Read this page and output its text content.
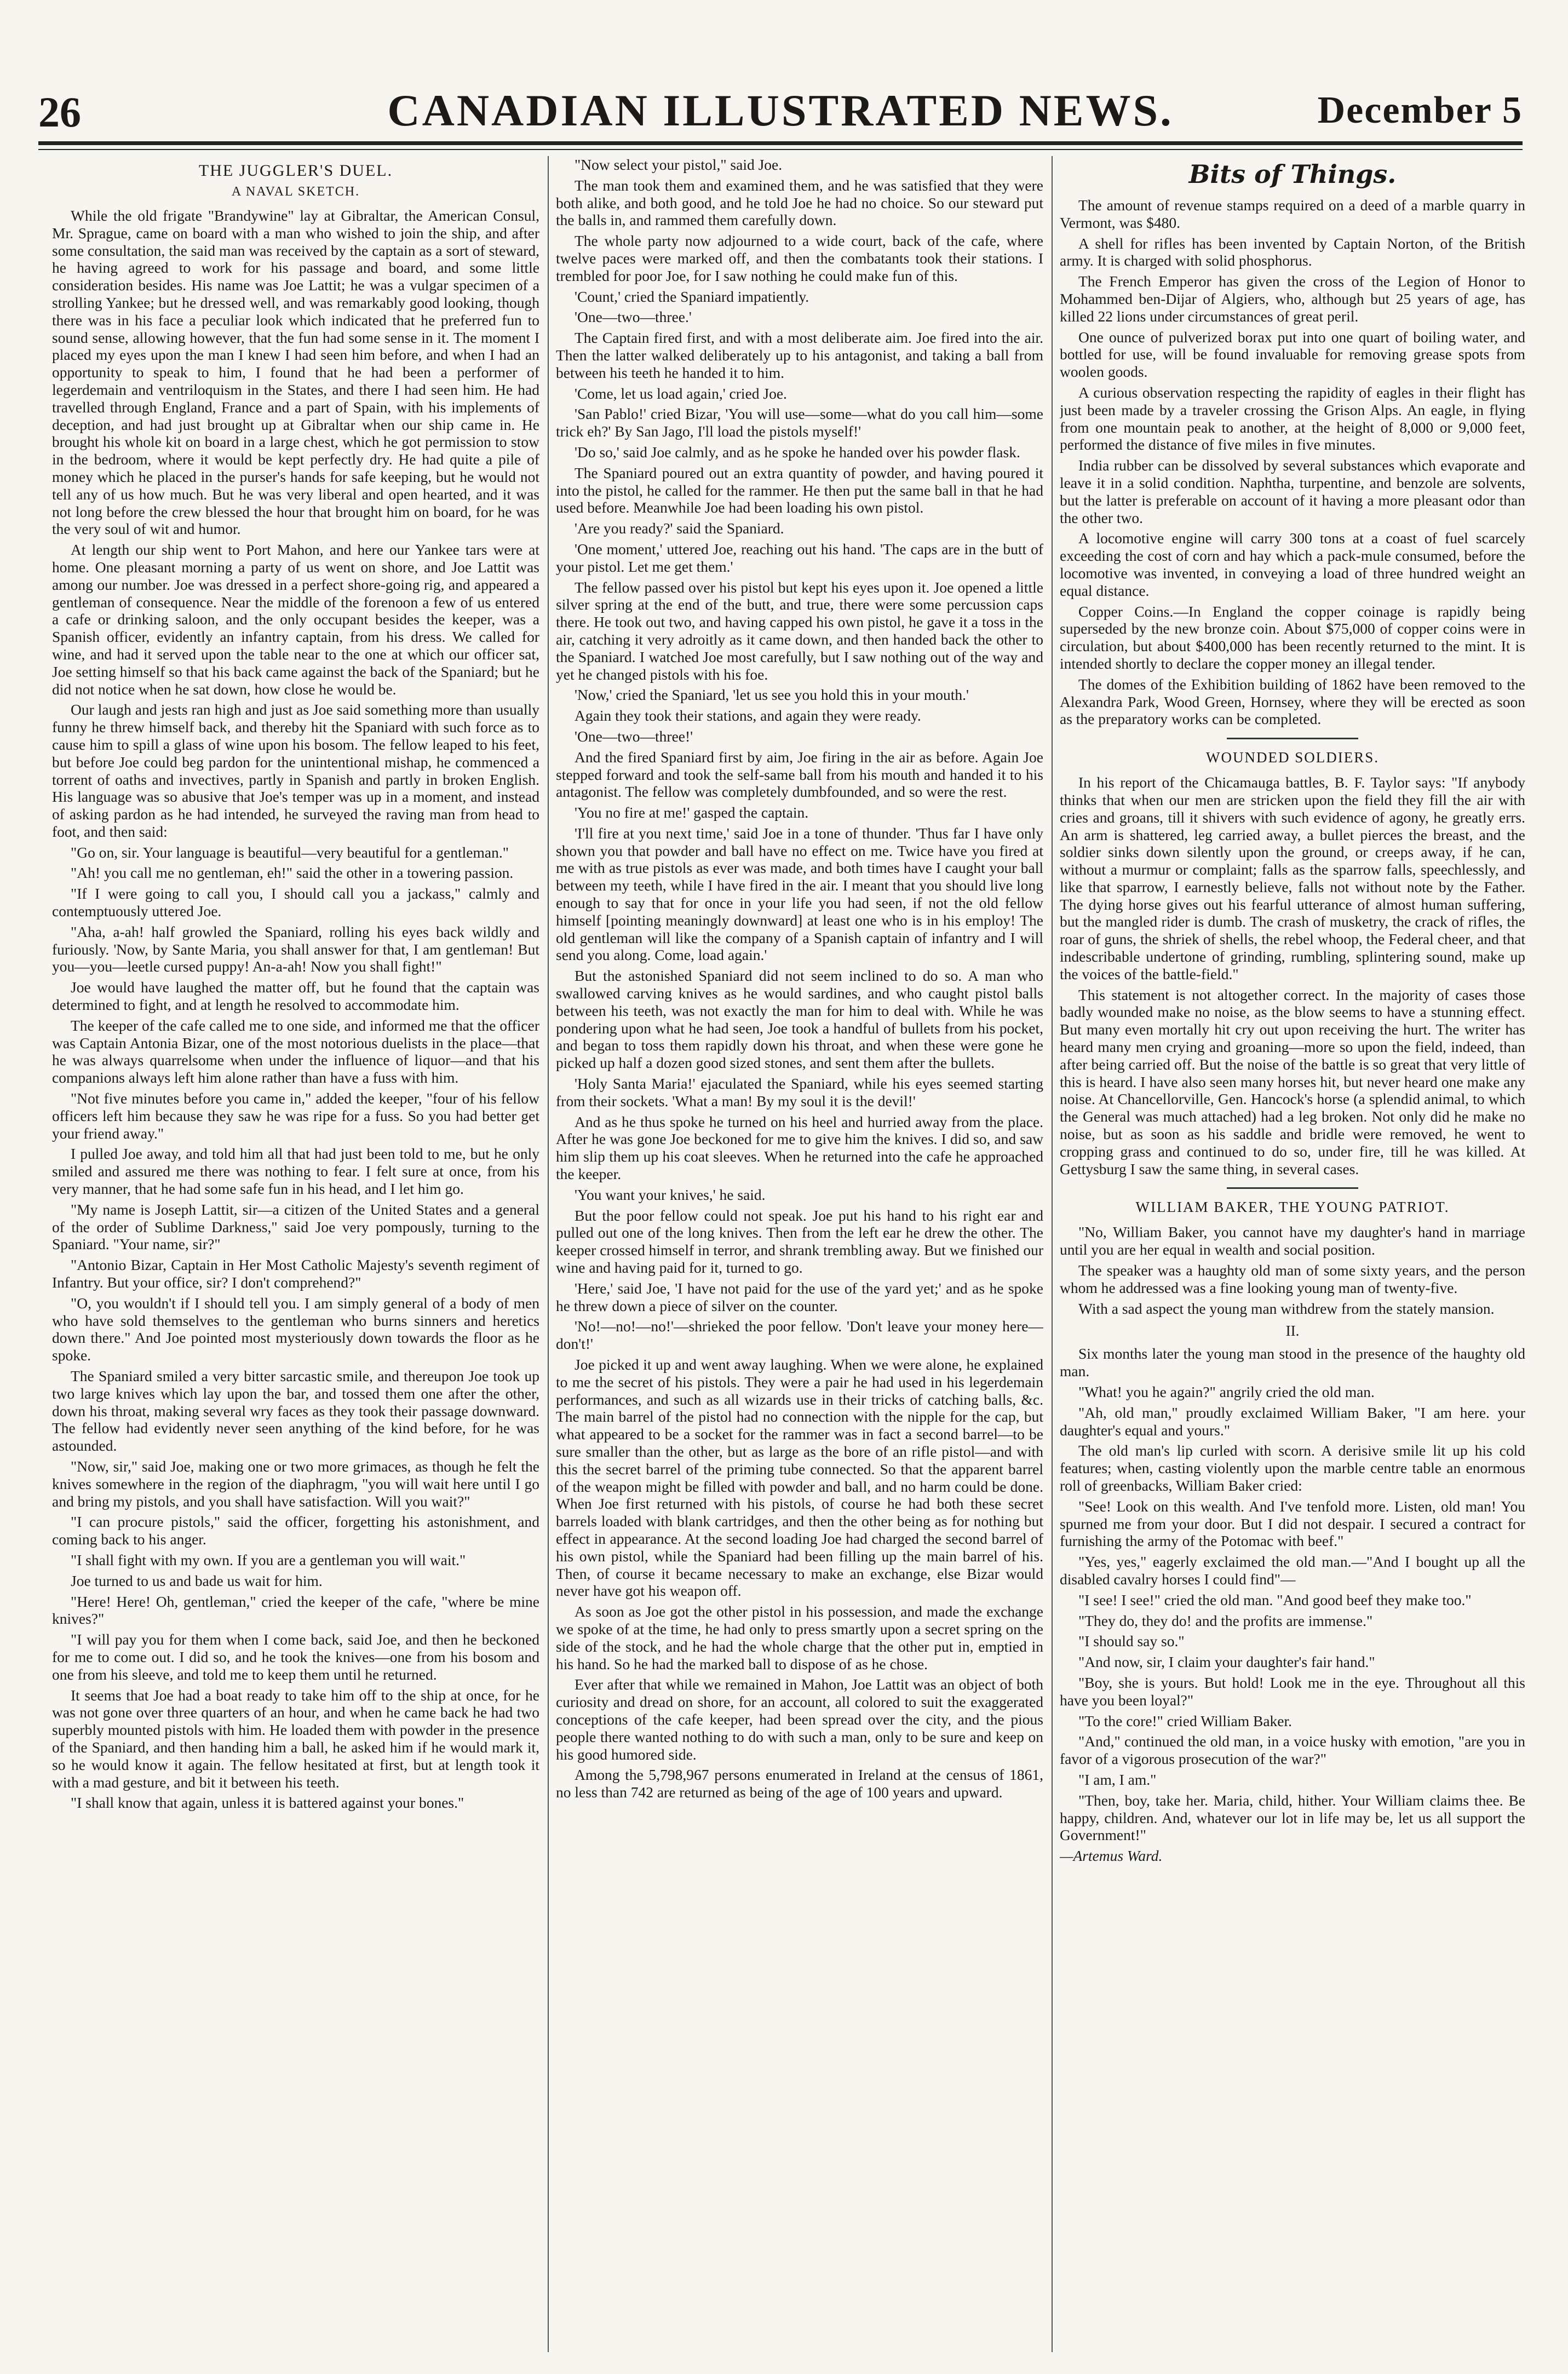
26	CANADIAN ILLUSTRATED NEWS.	December 5
THE JUGGLER'S DUEL.
A NAVAL SKETCH.

While the old frigate "Brandywine" lay at Gibraltar, the American Consul, Mr. Sprague, came on board with a man who wished to join the ship, and after some consultation, the said man was received by the captain as a sort of steward, he having agreed to work for his passage and board, and some little consideration besides. His name was Joe Lattit; he was a vulgar specimen of a strolling Yankee; but he dressed well, and was remarkably good looking, though there was in his face a peculiar look which indicated that he preferred fun to sound sense, allowing however, that the fun had some sense in it. The moment I placed my eyes upon the man I knew I had seen him before, and when I had an opportunity to speak to him, I found that he had been a performer of legerdemain and ventriloquism in the States, and there I had seen him. He had travelled through England, France and a part of Spain, with his implements of deception, and had just brought up at Gibraltar when our ship came in. He brought his whole kit on board in a large chest, which he got permission to stow in the bedroom, where it would be kept perfectly dry. He had quite a pile of money which he placed in the purser's hands for safe keeping, but he would not tell any of us how much. But he was very liberal and open hearted, and it was not long before the crew blessed the hour that brought him on board, for he was the very soul of wit and humor.

At length our ship went to Port Mahon, and here our Yankee tars were at home. One pleasant morning a party of us went on shore, and Joe Lattit was among our number. Joe was dressed in a perfect shore-going rig, and appeared a gentleman of consequence. Near the middle of the forenoon a few of us entered a cafe or drinking saloon, and the only occupant besides the keeper, was a Spanish officer, evidently an infantry captain, from his dress. We called for wine, and had it served upon the table near to the one at which our officer sat, Joe setting himself so that his back came against the back of the Spaniard; but he did not notice when he sat down, how close he would be.

Our laugh and jests ran high and just as Joe said something more than usually funny he threw himself back, and thereby hit the Spaniard with such force as to cause him to spill a glass of wine upon his bosom. The fellow leaped to his feet, but before Joe could beg pardon for the unintentional mishap, he commenced a torrent of oaths and invectives, partly in Spanish and partly in broken English. His language was so abusive that Joe's temper was up in a moment, and instead of asking pardon as he had intended, he surveyed the raving man from head to foot, and then said:

"Go on, sir. Your language is beautiful—very beautiful for a gentleman."

"Ah! you call me no gentleman, eh!" said the other in a towering passion.

"If I were going to call you, I should call you a jackass," calmly and contemptuously uttered Joe.

"Aha, a-ah! half growled the Spaniard, rolling his eyes back wildly and furiously. 'Now, by Sante Maria, you shall answer for that, I am gentleman! But you—you—leetle cursed puppy! An-a-ah! Now you shall fight!"

Joe would have laughed the matter off, but he found that the captain was determined to fight, and at length he resolved to accommodate him.

The keeper of the cafe called me to one side, and informed me that the officer was Captain Antonia Bizar, one of the most notorious duelists in the place—that he was always quarrelsome when under the influence of liquor—and that his companions always left him alone rather than have a fuss with him.

"Not five minutes before you came in," added the keeper, "four of his fellow officers left him because they saw he was ripe for a fuss. So you had better get your friend away."

I pulled Joe away, and told him all that had just been told to me, but he only smiled and assured me there was nothing to fear. I felt sure at once, from his very manner, that he had some safe fun in his head, and I let him go.

"My name is Joseph Lattit, sir—a citizen of the United States and a general of the order of Sublime Darkness," said Joe very pompously, turning to the Spaniard. "Your name, sir?"

"Antonio Bizar, Captain in Her Most Catholic Majesty's seventh regiment of Infantry. But your office, sir? I don't comprehend?"

"O, you wouldn't if I should tell you. I am simply general of a body of men who have sold themselves to the gentleman who burns sinners and heretics down there." And Joe pointed most mysteriously down towards the floor as he spoke.

The Spaniard smiled a very bitter sarcastic smile, and thereupon Joe took up two large knives which lay upon the bar, and tossed them one after the other, down his throat, making several wry faces as they took their passage downward. The fellow had evidently never seen anything of the kind before, for he was astounded.

"Now, sir," said Joe, making one or two more grimaces, as though he felt the knives somewhere in the region of the diaphragm, "you will wait here until I go and bring my pistols, and you shall have satisfaction. Will you wait?"

"I can procure pistols," said the officer, forgetting his astonishment, and coming back to his anger.

"I shall fight with my own. If you are a gentleman you will wait."

Joe turned to us and bade us wait for him.

"Here! Here! Oh, gentleman," cried the keeper of the cafe, "where be mine knives?"

"I will pay you for them when I come back, said Joe, and then he beckoned for me to come out. I did so, and he took the knives—one from his bosom and one from his sleeve, and told me to keep them until he returned.

It seems that Joe had a boat ready to take him off to the ship at once, for he was not gone over three quarters of an hour, and when he came back he had two superbly mounted pistols with him. He loaded them with powder in the presence of the Spaniard, and then handing him a ball, he asked him if he would mark it, so he would know it again. The fellow hesitated at first, but at length took it with a mad gesture, and bit it between his teeth.

"I shall know that again, unless it is battered against your bones."

"Now select your pistol," said Joe.

The man took them and examined them, and he was satisfied that they were both alike, and both good, and he told Joe he had no choice. So our steward put the balls in, and rammed them carefully down.

The whole party now adjourned to a wide court, back of the cafe, where twelve paces were marked off, and then the combatants took their stations. I trembled for poor Joe, for I saw nothing he could make fun of this.

'Count,' cried the Spaniard impatiently.

'One—two—three.'

The Captain fired first, and with a most deliberate aim. Joe fired into the air. Then the latter walked deliberately up to his antagonist, and taking a ball from between his teeth he handed it to him.

'Come, let us load again,' cried Joe.

'San Pablo!' cried Bizar, 'You will use—some—what do you call him—some trick eh?' By San Jago, I'll load the pistols myself!'

'Do so,' said Joe calmly, and as he spoke he handed over his powder flask.

The Spaniard poured out an extra quantity of powder, and having poured it into the pistol, he called for the rammer. He then put the same ball in that he had used before. Meanwhile Joe had been loading his own pistol.

'Are you ready?' said the Spaniard.

'One moment,' uttered Joe, reaching out his hand. 'The caps are in the butt of your pistol. Let me get them.'

The fellow passed over his pistol but kept his eyes upon it. Joe opened a little silver spring at the end of the butt, and true, there were some percussion caps there. He took out two, and having capped his own pistol, he gave it a toss in the air, catching it very adroitly as it came down, and then handed back the other to the Spaniard. I watched Joe most carefully, but I saw nothing out of the way and yet he changed pistols with his foe.

'Now,' cried the Spaniard, 'let us see you hold this in your mouth.'

Again they took their stations, and again they were ready.

'One—two—three!'

And the fired Spaniard first by aim, Joe firing in the air as before. Again Joe stepped forward and took the self-same ball from his mouth and handed it to his antagonist. The fellow was completely dumbfounded, and so were the rest.

'You no fire at me!' gasped the captain.

'I'll fire at you next time,' said Joe in a tone of thunder. 'Thus far I have only shown you that powder and ball have no effect on me. Twice have you fired at me with as true pistols as ever was made, and both times have I caught your ball between my teeth, while I have fired in the air. I meant that you should live long enough to say that for once in your life you had seen, if not the old fellow himself [pointing meaningly downward] at least one who is in his employ! The old gentleman will like the company of a Spanish captain of infantry and I will send you along. Come, load again.'

But the astonished Spaniard did not seem inclined to do so. A man who swallowed carving knives as he would sardines, and who caught pistol balls between his teeth, was not exactly the man for him to deal with. While he was pondering upon what he had seen, Joe took a handful of bullets from his pocket, and began to toss them rapidly down his throat, and when these were gone he picked up half a dozen good sized stones, and sent them after the bullets.

'Holy Santa Maria!' ejaculated the Spaniard, while his eyes seemed starting from their sockets. 'What a man! By my soul it is the devil!'

And as he thus spoke he turned on his heel and hurried away from the place. After he was gone Joe beckoned for me to give him the knives. I did so, and saw him slip them up his coat sleeves. When he returned into the cafe he approached the keeper.

'You want your knives,' he said.

But the poor fellow could not speak. Joe put his hand to his right ear and pulled out one of the long knives. Then from the left ear he drew the other. The keeper crossed himself in terror, and shrank trembling away. But we finished our wine and having paid for it, turned to go.

'Here,' said Joe, 'I have not paid for the use of the yard yet;' and as he spoke he threw down a piece of silver on the counter.

'No!—no!—no!'—shrieked the poor fellow. 'Don't leave your money here—don't!'

Joe picked it up and went away laughing. When we were alone, he explained to me the secret of his pistols. They were a pair he had used in his legerdemain performances, and such as all wizards use in their tricks of catching balls, &c. The main barrel of the pistol had no connection with the nipple for the cap, but what appeared to be a socket for the rammer was in fact a second barrel—to be sure smaller than the other, but as large as the bore of an rifle pistol—and with this the secret barrel of the priming tube connected. So that the apparent barrel of the weapon might be filled with powder and ball, and no harm could be done. When Joe first returned with his pistols, of course he had both these secret barrels loaded with blank cartridges, and then the other being as for nothing but effect in appearance. At the second loading Joe had charged the second barrel of his own pistol, while the Spaniard had been filling up the main barrel of his. Then, of course it became necessary to make an exchange, else Bizar would never have got his weapon off.

As soon as Joe got the other pistol in his possession, and made the exchange we spoke of at the time, he had only to press smartly upon a secret spring on the side of the stock, and he had the whole charge that the other put in, emptied in his hand. So he had the marked ball to dispose of as he chose.

Ever after that while we remained in Mahon, Joe Lattit was an object of both curiosity and dread on shore, for an account, all colored to suit the exaggerated conceptions of the cafe keeper, had been spread over the city, and the pious people there wanted nothing to do with such a man, only to be sure and keep on his good humored side.

Among the 5,798,967 persons enumerated in Ireland at the census of 1861, no less than 742 are returned as being of the age of 100 years and upward.

Bits of Things.

The amount of revenue stamps required on a deed of a marble quarry in Vermont, was $480.

A shell for rifles has been invented by Captain Norton, of the British army. It is charged with solid phosphorus.

The French Emperor has given the cross of the Legion of Honor to Mohammed ben-Dijar of Algiers, who, although but 25 years of age, has killed 22 lions under circumstances of great peril.

One ounce of pulverized borax put into one quart of boiling water, and bottled for use, will be found invaluable for removing grease spots from woolen goods.

A curious observation respecting the rapidity of eagles in their flight has just been made by a traveler crossing the Grison Alps. An eagle, in flying from one mountain peak to another, at the height of 8,000 or 9,000 feet, performed the distance of five miles in five minutes.

India rubber can be dissolved by several substances which evaporate and leave it in a solid condition. Naphtha, turpentine, and benzole are solvents, but the latter is preferable on account of it having a more pleasant odor than the other two.

A locomotive engine will carry 300 tons at a coast of fuel scarcely exceeding the cost of corn and hay which a pack-mule consumed, before the locomotive was invented, in conveying a load of three hundred weight an equal distance.

Copper Coins.—In England the copper coinage is rapidly being superseded by the new bronze coin. About $75,000 of copper coins were in circulation, but about $400,000 has been recently returned to the mint. It is intended shortly to declare the copper money an illegal tender.

The domes of the Exhibition building of 1862 have been removed to the Alexandra Park, Wood Green, Hornsey, where they will be erected as soon as the preparatory works can be completed.

WOUNDED SOLDIERS.

In his report of the Chicamauga battles, B. F. Taylor says: "If anybody thinks that when our men are stricken upon the field they fill the air with cries and groans, till it shivers with such evidence of agony, he greatly errs. An arm is shattered, leg carried away, a bullet pierces the breast, and the soldier sinks down silently upon the ground, or creeps away, if he can, without a murmur or complaint; falls as the sparrow falls, speechlessly, and like that sparrow, I earnestly believe, falls not without note by the Father. The dying horse gives out his fearful utterance of almost human suffering, but the mangled rider is dumb. The crash of musketry, the crack of rifles, the roar of guns, the shriek of shells, the rebel whoop, the Federal cheer, and that indescribable undertone of grinding, rumbling, splintering sound, make up the voices of the battle-field."

This statement is not altogether correct. In the majority of cases those badly wounded make no noise, as the blow seems to have a stunning effect. But many even mortally hit cry out upon receiving the hurt. The writer has heard many men crying and groaning—more so upon the field, indeed, than after being carried off. But the noise of the battle is so great that very little of this is heard. I have also seen many horses hit, but never heard one make any noise. At Chancellorville, Gen. Hancock's horse (a splendid animal, to which the General was much attached) had a leg broken. Not only did he make no noise, but as soon as his saddle and bridle were removed, he went to cropping grass and continued to do so, under fire, till he was killed. At Gettysburg I saw the same thing, in several cases.

WILLIAM BAKER, THE YOUNG PATRIOT.

"No, William Baker, you cannot have my daughter's hand in marriage until you are her equal in wealth and social position.

The speaker was a haughty old man of some sixty years, and the person whom he addressed was a fine looking young man of twenty-five.

With a sad aspect the young man withdrew from the stately mansion.

II.

Six months later the young man stood in the presence of the haughty old man.

"What! you he again?" angrily cried the old man.

"Ah, old man," proudly exclaimed William Baker, "I am here. your daughter's equal and yours."

The old man's lip curled with scorn. A derisive smile lit up his cold features; when, casting violently upon the marble centre table an enormous roll of greenbacks, William Baker cried:

"See! Look on this wealth. And I've tenfold more. Listen, old man! You spurned me from your door. But I did not despair. I secured a contract for furnishing the army of the Potomac with beef."

"Yes, yes," eagerly exclaimed the old man.—"And I bought up all the disabled cavalry horses I could find"—

"I see! I see!" cried the old man. "And good beef they make too."

"They do, they do! and the profits are immense."

"I should say so."

"And now, sir, I claim your daughter's fair hand."

"Boy, she is yours. But hold! Look me in the eye. Throughout all this have you been loyal?"

"To the core!" cried William Baker.

"And," continued the old man, in a voice husky with emotion, "are you in favor of a vigorous prosecution of the war?"

"I am, I am."

"Then, boy, take her. Maria, child, hither. Your William claims thee. Be happy, children. And, whatever our lot in life may be, let us all support the Government!"

—Artemus Ward.
